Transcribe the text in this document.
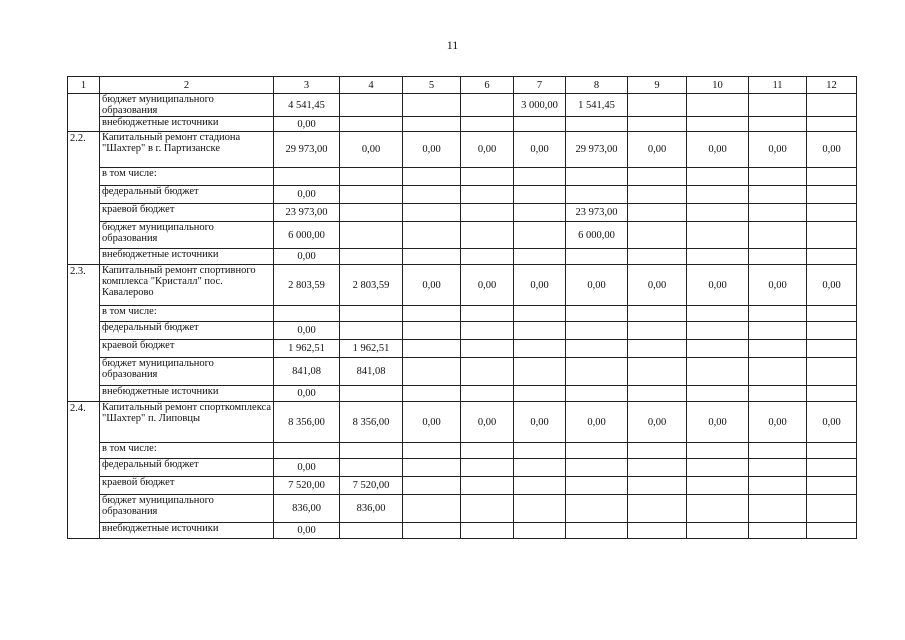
11
1	2	3	4	5	6	7	8	9	10	11	12
	бюджет муниципального образования	4 541,45				3 000,00	1 541,45				
	внебюджетные источники	0,00									
2.2.	Капитальный ремонт стадиона "Шахтер" в г. Партизанске	29 973,00	0,00	0,00	0,00	0,00	29 973,00	0,00	0,00	0,00	0,00
	в том числе:										
	федеральный бюджет	0,00									
	краевой бюджет	23 973,00					23 973,00				
	бюджет муниципального образования	6 000,00					6 000,00				
	внебюджетные источники	0,00									
2.3.	Капитальный ремонт спортивного комплекса "Кристалл" пос. Кавалерово	2 803,59	2 803,59	0,00	0,00	0,00	0,00	0,00	0,00	0,00	0,00
	в том числе:										
	федеральный бюджет	0,00									
	краевой бюджет	1 962,51	1 962,51								
	бюджет муниципального образования	841,08	841,08								
	внебюджетные источники	0,00									
2.4.	Капитальный ремонт спорткомплекса "Шахтер" п. Липовцы	8 356,00	8 356,00	0,00	0,00	0,00	0,00	0,00	0,00	0,00	0,00
	в том числе:										
	федеральный бюджет	0,00									
	краевой бюджет	7 520,00	7 520,00								
	бюджет муниципального образования	836,00	836,00								
	внебюджетные источники	0,00									
